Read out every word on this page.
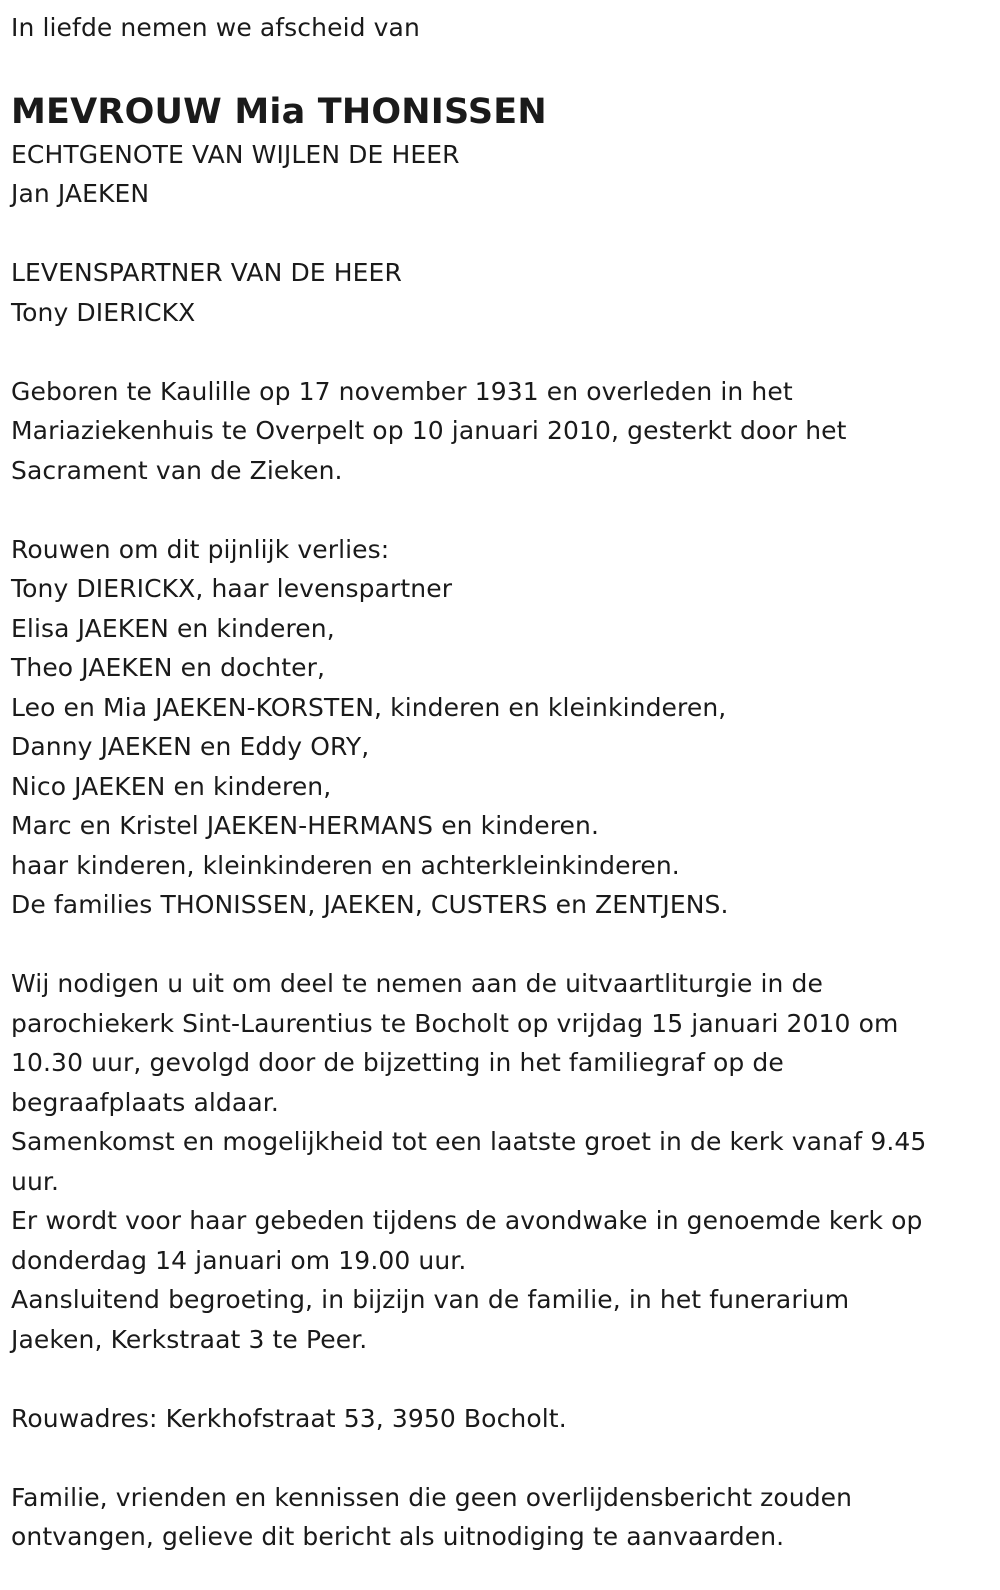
In liefde nemen we afscheid van
MEVROUW Mia THONISSEN
ECHTGENOTE VAN WIJLEN DE HEER
Jan JAEKEN
LEVENSPARTNER VAN DE HEER
Tony DIERICKX
Geboren te Kaulille op 17 november 1931 en overleden in het
Mariaziekenhuis te Overpelt op 10 januari 2010, gesterkt door het
Sacrament van de Zieken.
Rouwen om dit pijnlijk verlies:
Tony DIERICKX, haar levenspartner
Elisa JAEKEN en kinderen,
Theo JAEKEN en dochter,
Leo en Mia JAEKEN-KORSTEN, kinderen en kleinkinderen,
Danny JAEKEN en Eddy ORY,
Nico JAEKEN en kinderen,
Marc en Kristel JAEKEN-HERMANS en kinderen.
haar kinderen, kleinkinderen en achterkleinkinderen.
De families THONISSEN, JAEKEN, CUSTERS en ZENTJENS.
Wij nodigen u uit om deel te nemen aan de uitvaartliturgie in de
parochiekerk Sint-Laurentius te Bocholt op vrijdag 15 januari 2010 om
10.30 uur, gevolgd door de bijzetting in het familiegraf op de
begraafplaats aldaar.
Samenkomst en mogelijkheid tot een laatste groet in de kerk vanaf 9.45
uur.
Er wordt voor haar gebeden tijdens de avondwake in genoemde kerk op
donderdag 14 januari om 19.00 uur.
Aansluitend begroeting, in bijzijn van de familie, in het funerarium
Jaeken, Kerkstraat 3 te Peer.
Rouwadres: Kerkhofstraat 53, 3950 Bocholt.
Familie, vrienden en kennissen die geen overlijdensbericht zouden
ontvangen, gelieve dit bericht als uitnodiging te aanvaarden.
